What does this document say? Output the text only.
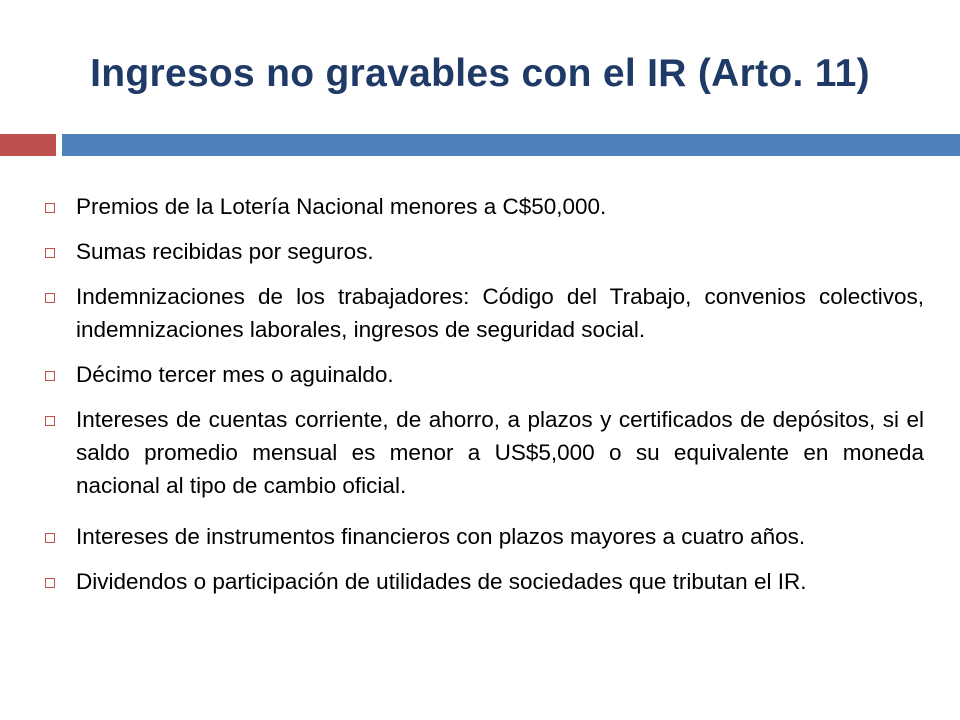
Ingresos no gravables con el IR (Arto. 11)
Premios de la Lotería Nacional menores a C$50,000.
Sumas recibidas por seguros.
Indemnizaciones de los trabajadores: Código del Trabajo, convenios colectivos, indemnizaciones laborales, ingresos de seguridad social.
Décimo tercer mes o aguinaldo.
Intereses de cuentas corriente, de ahorro, a plazos y certificados de depósitos, si el saldo promedio mensual es menor a US$5,000 o su equivalente en moneda nacional al tipo de cambio oficial.
Intereses de instrumentos financieros con plazos mayores a cuatro años.
Dividendos o participación de utilidades de sociedades que tributan el IR.
